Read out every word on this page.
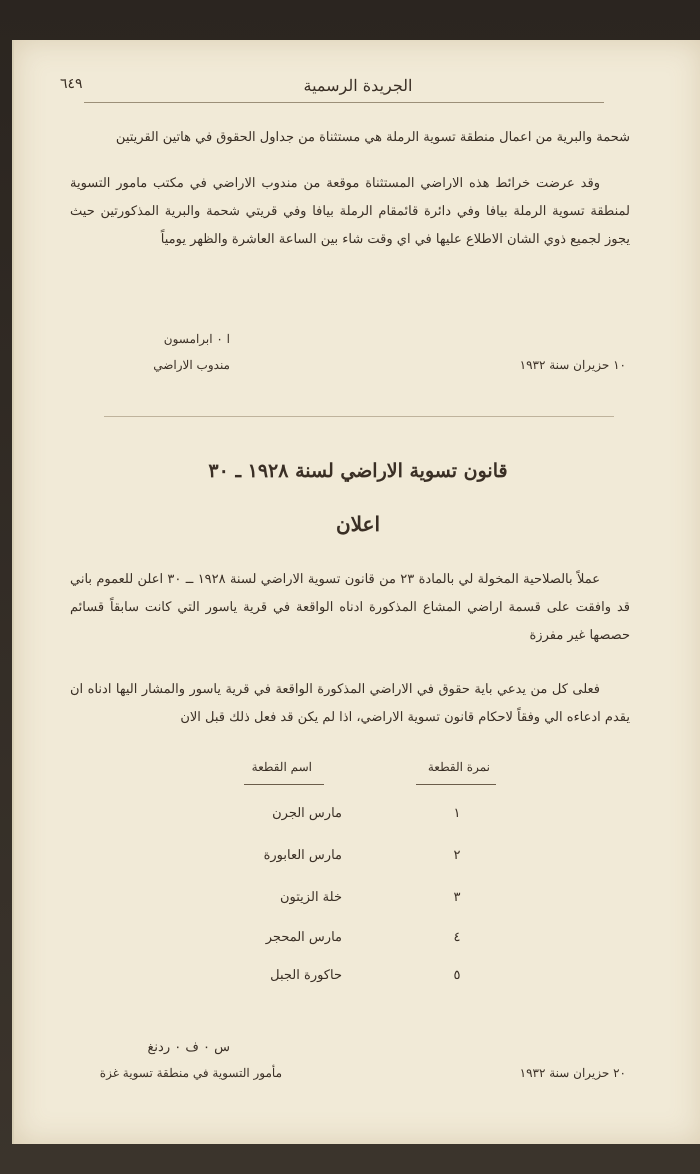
٦٤٩	الجريدة الرسمية
شحمة والبرية من اعمال منطقة تسوية الرملة هي مستثناة من جداول الحقوق في هاتين القريتين
وقد عرضت خرائط هذه الاراضي المستثناة موقعة من مندوب الاراضي في مكتب مامور التسوية لمنطقة تسوية الرملة بيافا وفي دائرة قائمقام الرملة بيافا وفي قريتي شحمة والبرية المذكورتين حيث يجوز لجميع ذوي الشان الاطلاع عليها في اي وقت شاء بين الساعة العاشرة والظهر يومياً
ا ٠ ابرامسون
مندوب الاراضي	١٠ حزيران سنة ١٩٣٢
قانون تسوية الاراضي لسنة ١٩٢٨ ـ ٣٠
اعلان
عملاً بالصلاحية المخولة لي بالمادة ٢٣ من قانون تسوية الاراضي لسنة ١٩٢٨ ــ ٣٠ اعلن للعموم باني قد وافقت على قسمة اراضي المشاع المذكورة ادناه الواقعة في قرية ياسور التي كانت سابقاً قسائم حصصها غير مفرزة
فعلى كل من يدعي باية حقوق في الاراضي المذكورة الواقعة في قرية ياسور والمشار اليها ادناه ان يقدم ادعاءه الي وفقاً لاحكام قانون تسوية الاراضي، اذا لم يكن قد فعل ذلك قبل الان
اسم القطعة	نمرة القطعة
مارس الجرن	١
مارس العابورة	٢
خلة الزيتون	٣
مارس المحجر	٤
حاكورة الجبل	٥
س ٠ ف ٠ ردنغ
مأمور التسوية في منطقة تسوية غزة	٢٠ حزيران سنة ١٩٣٢
